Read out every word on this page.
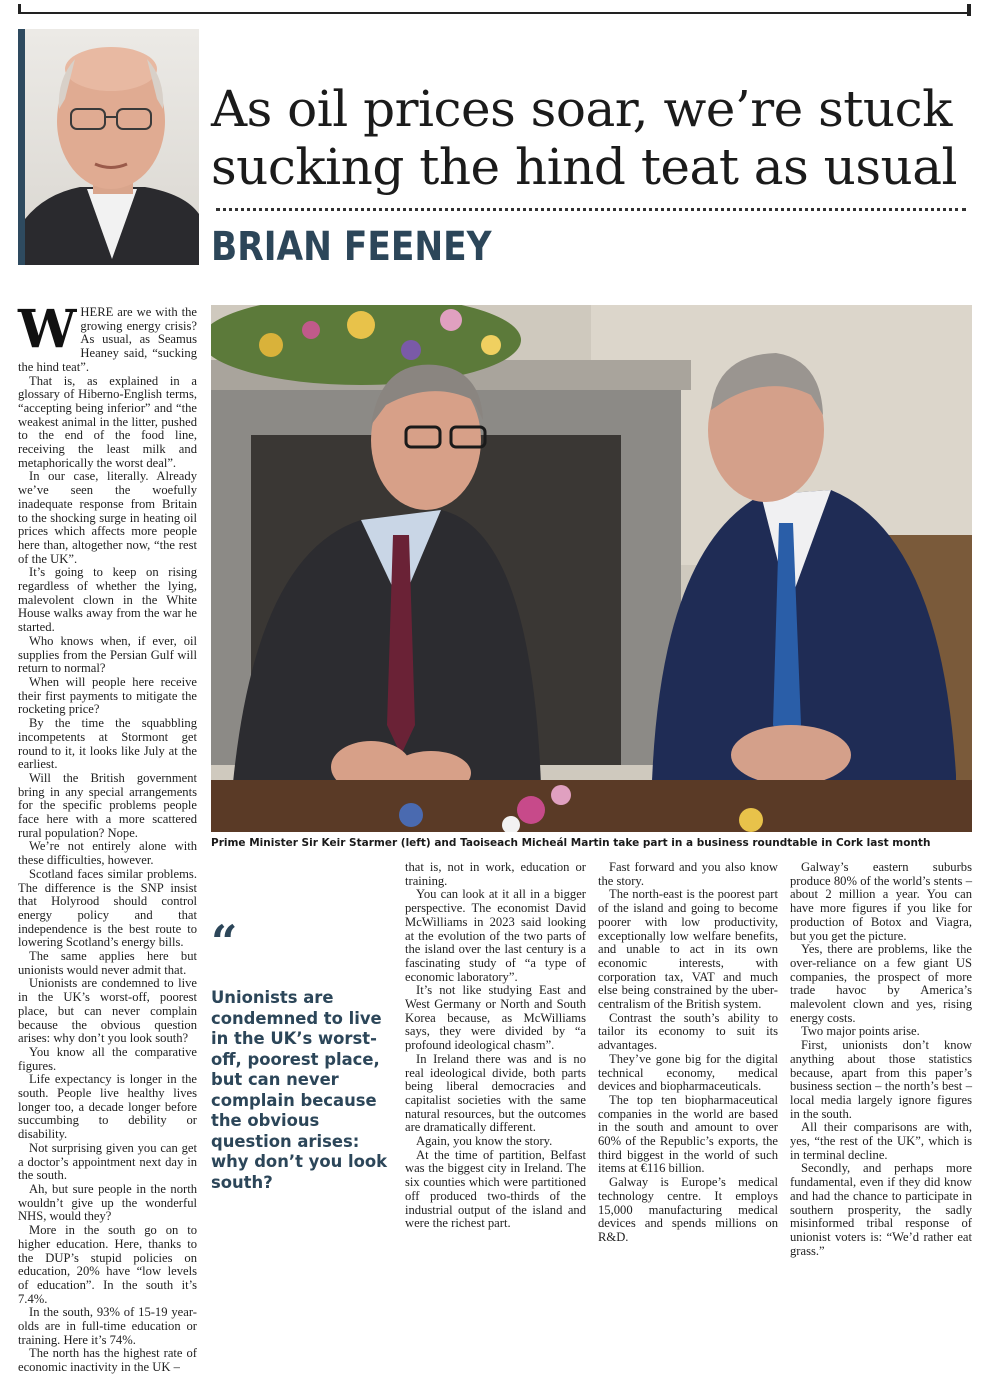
As oil prices soar, we’re stuck sucking the hind teat as usual
BRIAN FEENEY

WHERE are we with the growing energy crisis? As usual, as Seamus Heaney said, “sucking the hind teat”.

That is, as explained in a glossary of Hiberno-English terms, “accepting being inferior” and “the weakest animal in the litter, pushed to the end of the food line, receiving the least milk and metaphorically the worst deal”.

In our case, literally. Already we’ve seen the woefully inadequate response from Britain to the shocking surge in heating oil prices which affects more people here than, altogether now, “the rest of the UK”.

It’s going to keep on rising regardless of whether the lying, malevolent clown in the White House walks away from the war he started.

Who knows when, if ever, oil supplies from the Persian Gulf will return to normal?

When will people here receive their first payments to mitigate the rocketing price?

By the time the squabbling incompetents at Stormont get round to it, it looks like July at the earliest.

Will the British government bring in any special arrangements for the specific problems people face here with a more scattered rural population? Nope.

We’re not entirely alone with these difficulties, however.

Scotland faces similar problems. The difference is the SNP insist that Holyrood should control energy policy and that independence is the best route to lowering Scotland’s energy bills.

The same applies here but unionists would never admit that.

Unionists are condemned to live in the UK’s worst-off, poorest place, but can never complain because the obvious question arises: why don’t you look south?

You know all the comparative figures.

Life expectancy is longer in the south. People live healthy lives longer too, a decade longer before succumbing to debility or disability.

Not surprising given you can get a doctor’s appointment next day in the south.

Ah, but sure people in the north wouldn’t give up the wonderful NHS, would they?

More in the south go on to higher education. Here, thanks to the DUP’s stupid policies on education, 20% have “low levels of education”. In the south it’s 7.4%.

In the south, 93% of 15-19 year-olds are in full-time education or training. Here it’s 74%.

The north has the highest rate of economic inactivity in the UK –

Prime Minister Sir Keir Starmer (left) and Taoiseach Micheál Martin take part in a business roundtable in Cork last month
“
Unionists are condemned to live in the UK’s worst-off, poorest place, but can never complain because the obvious question arises: why don’t you look south?

that is, not in work, education or training.

You can look at it all in a bigger perspective. The economist David McWilliams in 2023 said looking at the evolution of the two parts of the island over the last century is a fascinating study of “a type of economic laboratory”.

It’s not like studying East and West Germany or North and South Korea because, as McWilliams says, they were divided by “a profound ideological chasm”.

In Ireland there was and is no real ideological divide, both parts being liberal democracies and capitalist societies with the same natural resources, but the outcomes are dramatically different.

Again, you know the story.

At the time of partition, Belfast was the biggest city in Ireland. The six counties which were partitioned off produced two-thirds of the industrial output of the island and were the richest part.

Fast forward and you also know the story.

The north-east is the poorest part of the island and going to become poorer with low productivity, exceptionally low welfare benefits, and unable to act in its own economic interests, with corporation tax, VAT and much else being constrained by the uber-centralism of the British system.

Contrast the south’s ability to tailor its economy to suit its advantages.

They’ve gone big for the digital technical economy, medical devices and biopharmaceuticals.

The top ten biopharmaceutical companies in the world are based in the south and amount to over 60% of the Republic’s exports, the third biggest in the world of such items at €116 billion.

Galway is Europe’s medical technology centre. It employs 15,000 manufacturing medical devices and spends millions on R&D.

Galway’s eastern suburbs produce 80% of the world’s stents – about 2 million a year. You can have more figures if you like for production of Botox and Viagra, but you get the picture.

Yes, there are problems, like the over-reliance on a few giant US companies, the prospect of more trade havoc by America’s malevolent clown and yes, rising energy costs.

Two major points arise.

First, unionists don’t know anything about those statistics because, apart from this paper’s business section – the north’s best – local media largely ignore figures in the south.

All their comparisons are with, yes, “the rest of the UK”, which is in terminal decline.

Secondly, and perhaps more fundamental, even if they did know and had the chance to participate in southern prosperity, the sadly misinformed tribal response of unionist voters is: “We’d rather eat grass.”
